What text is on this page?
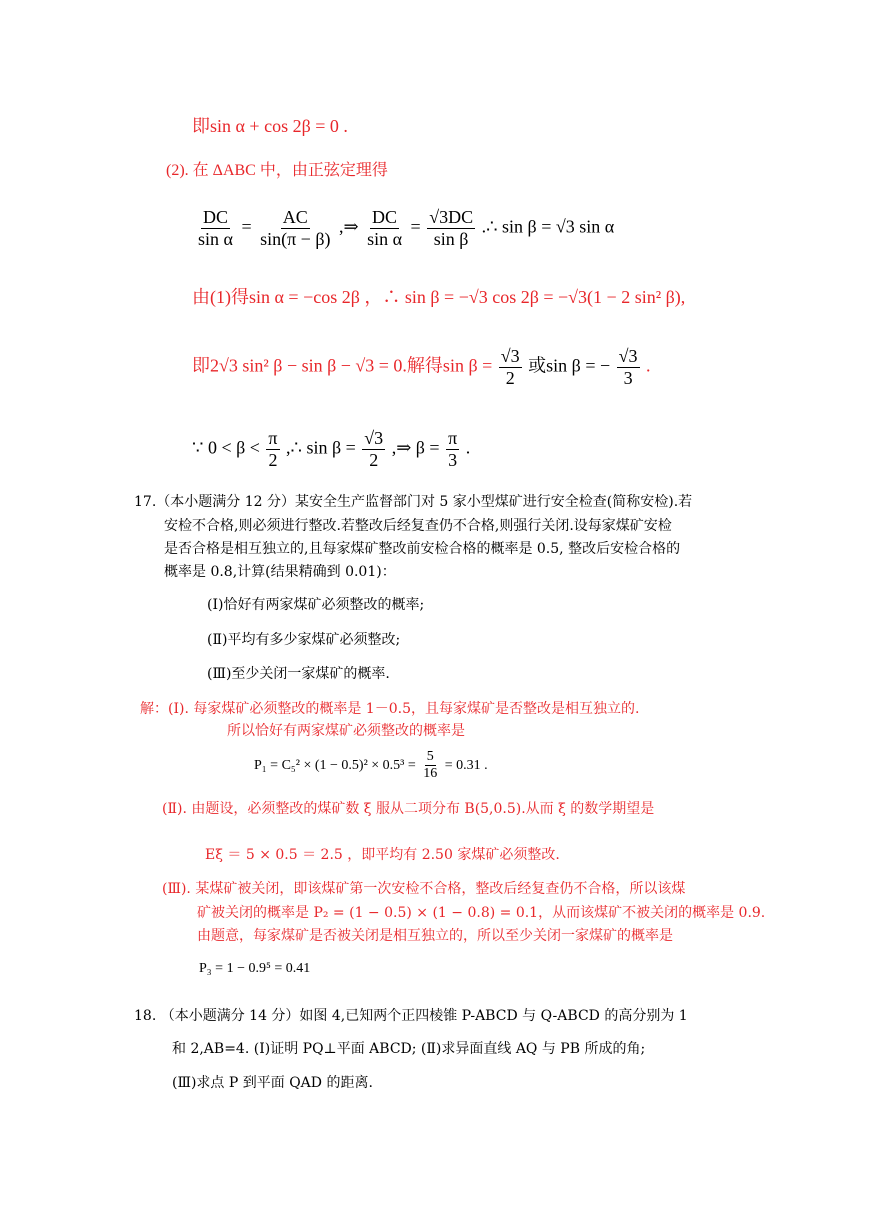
即sin α + cos 2β = 0 .
(2). 在 ΔABC 中，由正弦定理得
$\frac{DC}{\text{sin α}} = \frac{AC}{\sin(\pi - \beta)}$ ,⇒ $\frac{DC}{\text{sin α}} = \frac{√3DC}{\text{sin β}}$ .∴ sin β = √3 sin α
由(1)得sin α = −cos 2β ，∴ sin β = −√3 cos 2β = −√3(1 − 2 sin² β),
即2√3 sin² β − sin β − √3 = 0.解得$\sin \beta = \frac{√3}{2}$ 或sin β = − $\frac{√3}{3}$ .
∵ $0 < \beta < \frac{\pi}{2}$ ,∴ $\sin \beta = \frac{√3}{2}$ ,⇒ $\beta = \frac{\pi}{3}$ .
17.（本小题满分 12 分）某安全生产监督部门对 5 家小型煤矿进行安全检查(简称安检).若
安检不合格,则必须进行整改.若整改后经复查仍不合格,则强行关闭.设每家煤矿安检
是否合格是相互独立的,且每家煤矿整改前安检合格的概率是 0.5, 整改后安检合格的
概率是 0.8,计算(结果精确到 0.01)：
(Ⅰ)恰好有两家煤矿必须整改的概率;
(Ⅱ)平均有多少家煤矿必须整改;
(Ⅲ)至少关闭一家煤矿的概率.
解：(Ⅰ). 每家煤矿必须整改的概率是 1－0.5，且每家煤矿是否整改是相互独立的.
所以恰好有两家煤矿必须整改的概率是
$P_1 = C_5^2 \times (1 - 0.5)^2 \times 0.5^3 = \frac{5}{16} = 0.31$ .
(Ⅱ). 由题设，必须整改的煤矿数 ξ 服从二项分布 B(5,0.5).从而 ξ 的数学期望是
Eξ ＝ 5 × 0.5 ＝ 2.5 ，即平均有 2.50 家煤矿必须整改.
(Ⅲ). 某煤矿被关闭，即该煤矿第一次安检不合格，整改后经复查仍不合格，所以该煤
矿被关闭的概率是 P₂ = (1 − 0.5) × (1 − 0.8) = 0.1，从而该煤矿不被关闭的概率是 0.9.
由题意，每家煤矿是否被关闭是相互独立的，所以至少关闭一家煤矿的概率是
P₃ = 1 − 0.9⁵ = 0.41
18. （本小题满分 14 分）如图 4,已知两个正四棱锥 P-ABCD 与 Q-ABCD 的高分别为 1
和 2,AB=4. (Ⅰ)证明 PQ⊥平面 ABCD; (Ⅱ)求异面直线 AQ 与 PB 所成的角;
(Ⅲ)求点 P 到平面 QAD 的距离.
